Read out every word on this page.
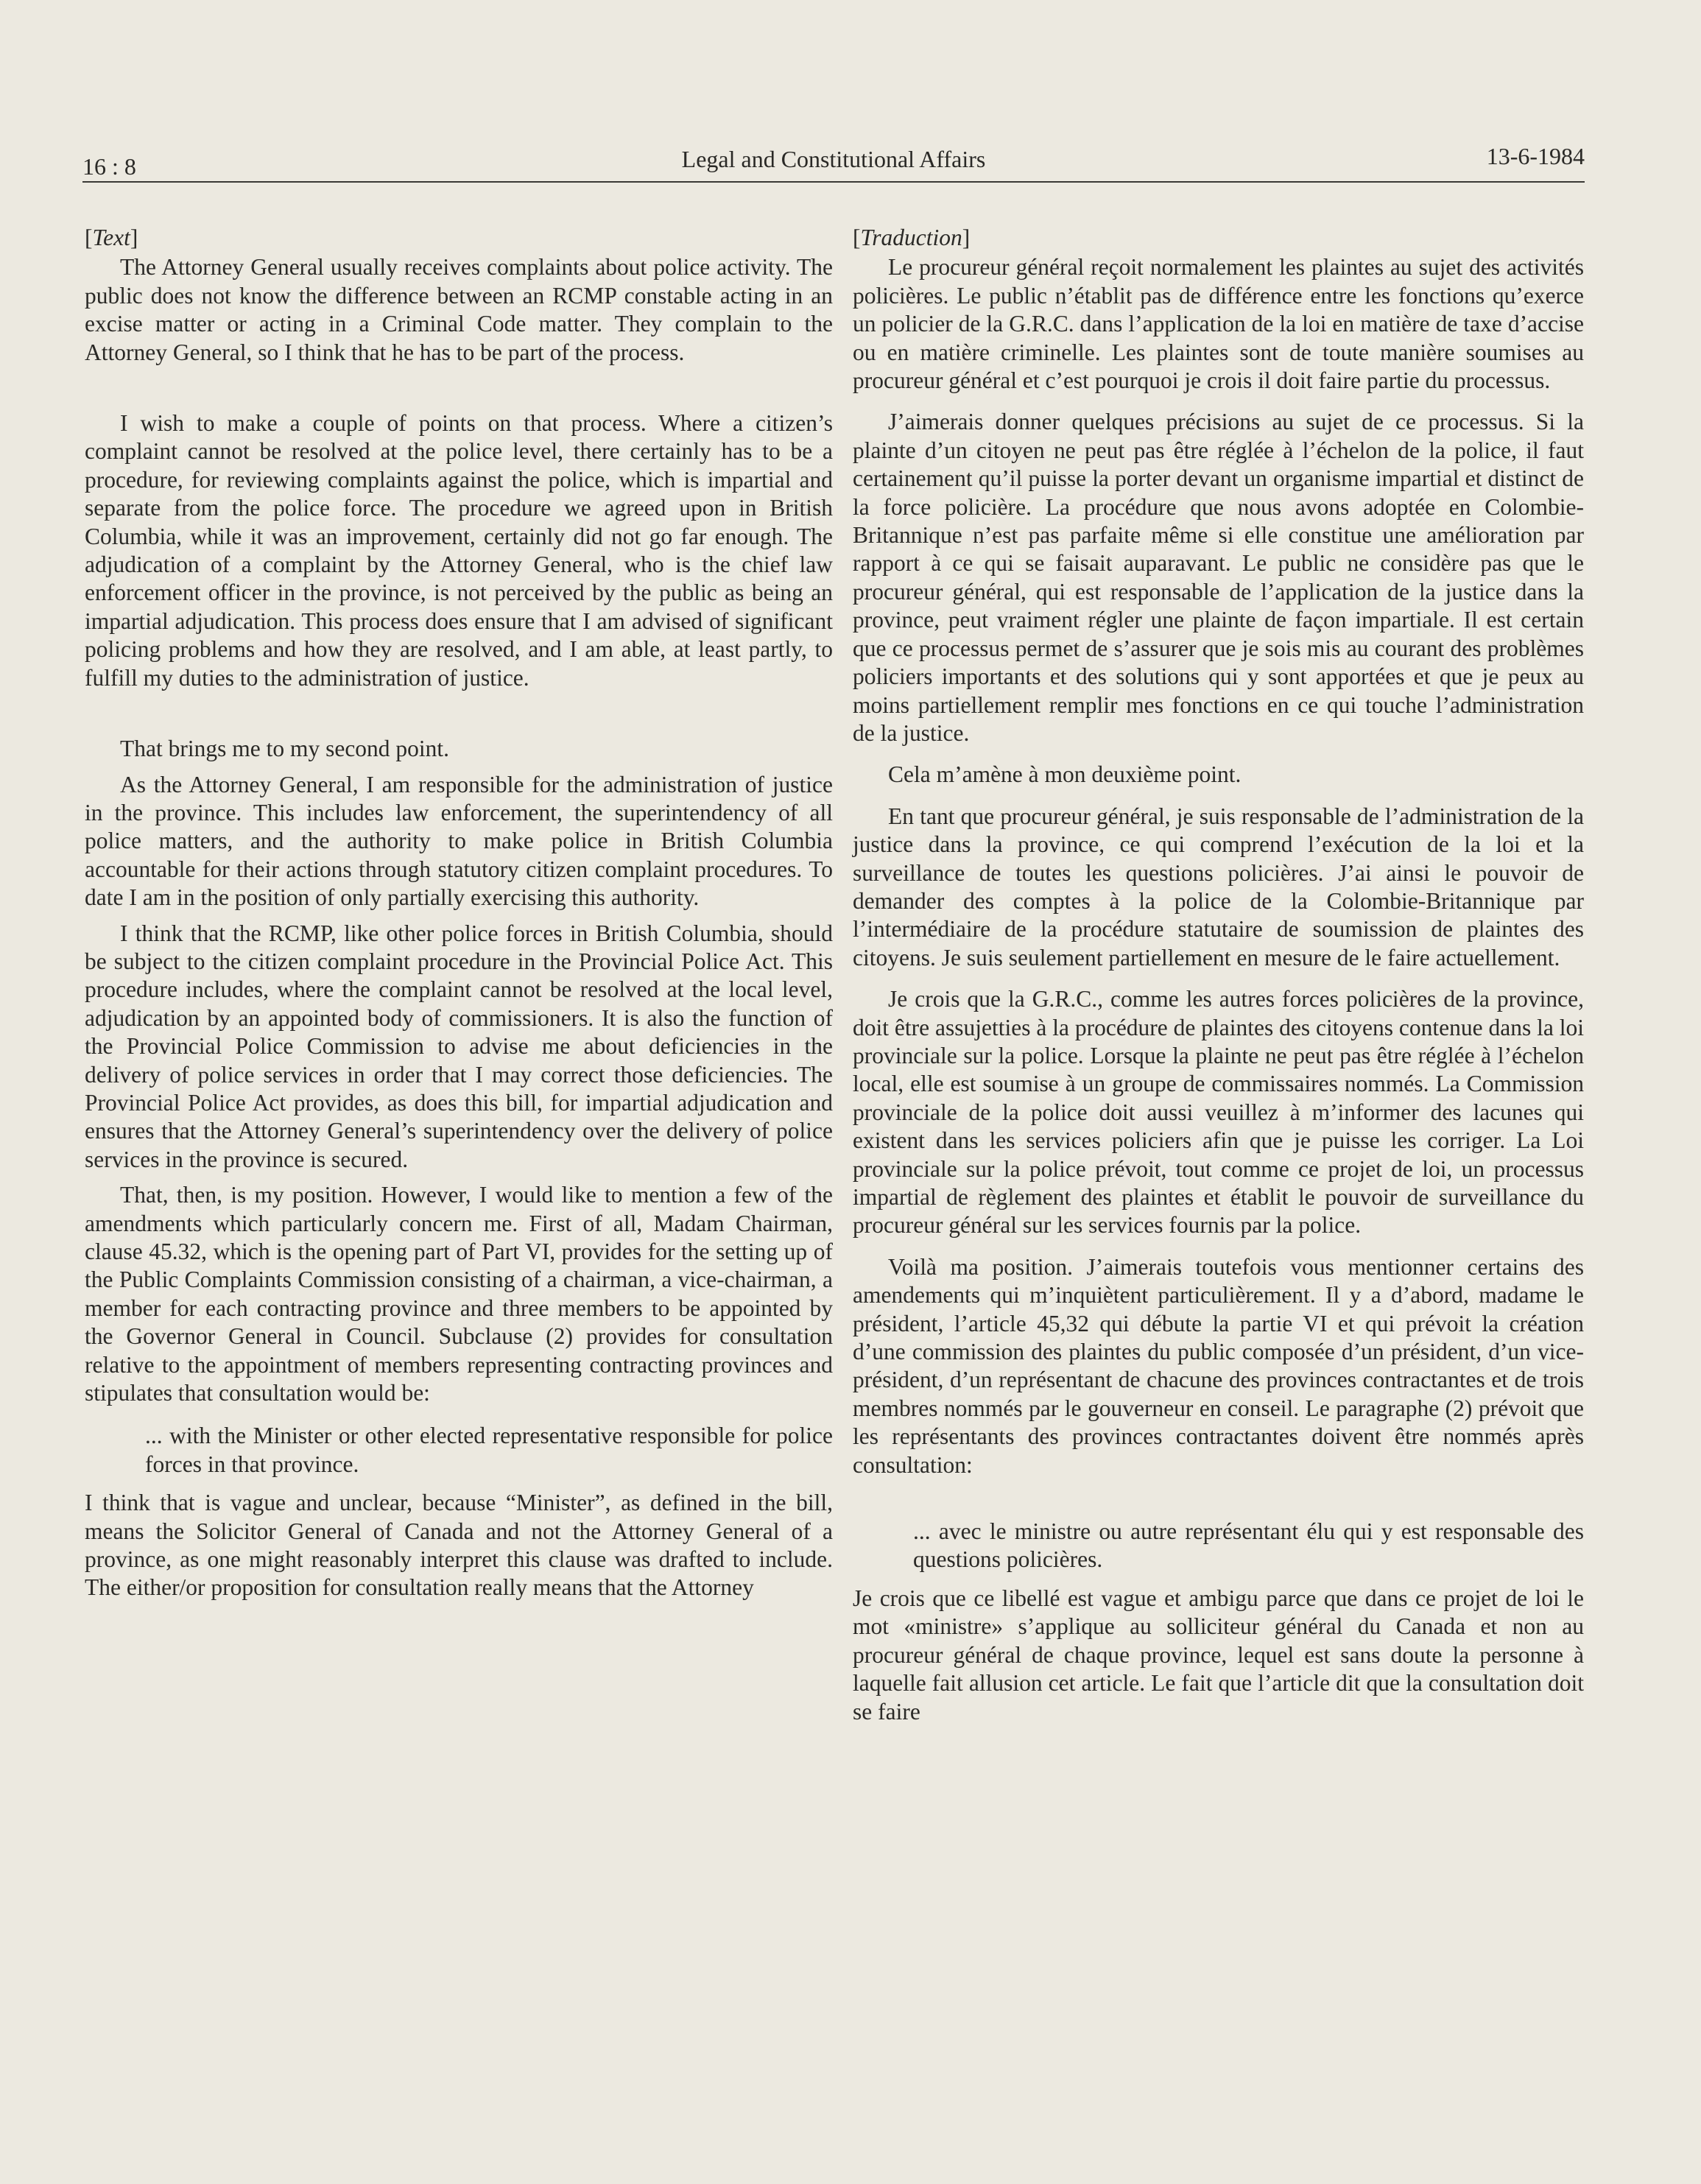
16 : 8	Legal and Constitutional Affairs	13-6-1984
[Text]

The Attorney General usually receives complaints about police activity. The public does not know the difference between an RCMP constable acting in an excise matter or acting in a Criminal Code matter. They complain to the Attorney General, so I think that he has to be part of the process.

I wish to make a couple of points on that process. Where a citizen’s complaint cannot be resolved at the police level, there certainly has to be a procedure, for reviewing complaints against the police, which is impartial and separate from the police force. The procedure we agreed upon in British Columbia, while it was an improvement, certainly did not go far enough. The adjudication of a complaint by the Attorney General, who is the chief law enforcement officer in the province, is not perceived by the public as being an impartial adjudication. This process does ensure that I am advised of significant policing problems and how they are resolved, and I am able, at least partly, to fulfill my duties to the administration of justice.

That brings me to my second point.

As the Attorney General, I am responsible for the administration of justice in the province. This includes law enforcement, the superintendency of all police matters, and the authority to make police in British Columbia accountable for their actions through statutory citizen complaint procedures. To date I am in the position of only partially exercising this authority.

I think that the RCMP, like other police forces in British Columbia, should be subject to the citizen complaint procedure in the Provincial Police Act. This procedure includes, where the complaint cannot be resolved at the local level, adjudication by an appointed body of commissioners. It is also the function of the Provincial Police Commission to advise me about deficiencies in the delivery of police services in order that I may correct those deficiencies. The Provincial Police Act provides, as does this bill, for impartial adjudication and ensures that the Attorney General’s superintendency over the delivery of police services in the province is secured.

That, then, is my position. However, I would like to mention a few of the amendments which particularly concern me. First of all, Madam Chairman, clause 45.32, which is the opening part of Part VI, provides for the setting up of the Public Complaints Commission consisting of a chairman, a vice-chairman, a member for each contracting province and three members to be appointed by the Governor General in Council. Subclause (2) provides for consultation relative to the appointment of members representing contracting provinces and stipulates that consultation would be:

... with the Minister or other elected representative responsible for police forces in that province.

I think that is vague and unclear, because “Minister”, as defined in the bill, means the Solicitor General of Canada and not the Attorney General of a province, as one might reasonably interpret this clause was drafted to include. The either/or proposition for consultation really means that the Attorney

[Traduction]

Le procureur général reçoit normalement les plaintes au sujet des activités policières. Le public n’établit pas de différence entre les fonctions qu’exerce un policier de la G.R.C. dans l’application de la loi en matière de taxe d’accise ou en matière criminelle. Les plaintes sont de toute manière soumises au procureur général et c’est pourquoi je crois il doit faire partie du processus.

J’aimerais donner quelques précisions au sujet de ce processus. Si la plainte d’un citoyen ne peut pas être réglée à l’échelon de la police, il faut certainement qu’il puisse la porter devant un organisme impartial et distinct de la force policière. La procédure que nous avons adoptée en Colombie-Britannique n’est pas parfaite même si elle constitue une amélioration par rapport à ce qui se faisait auparavant. Le public ne considère pas que le procureur général, qui est responsable de l’application de la justice dans la province, peut vraiment régler une plainte de façon impartiale. Il est certain que ce processus permet de s’assurer que je sois mis au courant des problèmes policiers importants et des solutions qui y sont apportées et que je peux au moins partiellement remplir mes fonctions en ce qui touche l’administration de la justice.

Cela m’amène à mon deuxième point.

En tant que procureur général, je suis responsable de l’administration de la justice dans la province, ce qui comprend l’exécution de la loi et la surveillance de toutes les questions policières. J’ai ainsi le pouvoir de demander des comptes à la police de la Colombie-Britannique par l’intermédiaire de la procédure statutaire de soumission de plaintes des citoyens. Je suis seulement partiellement en mesure de le faire actuellement.

Je crois que la G.R.C., comme les autres forces policières de la province, doit être assujetties à la procédure de plaintes des citoyens contenue dans la loi provinciale sur la police. Lorsque la plainte ne peut pas être réglée à l’échelon local, elle est soumise à un groupe de commissaires nommés. La Commission provinciale de la police doit aussi veuillez à m’informer des lacunes qui existent dans les services policiers afin que je puisse les corriger. La Loi provinciale sur la police prévoit, tout comme ce projet de loi, un processus impartial de règlement des plaintes et établit le pouvoir de surveillance du procureur général sur les services fournis par la police.

Voilà ma position. J’aimerais toutefois vous mentionner certains des amendements qui m’inquiètent particulièrement. Il y a d’abord, madame le président, l’article 45,32 qui débute la partie VI et qui prévoit la création d’une commission des plaintes du public composée d’un président, d’un vice-président, d’un représentant de chacune des provinces contractantes et de trois membres nommés par le gouverneur en conseil. Le paragraphe (2) prévoit que les représentants des provinces contractantes doivent être nommés après consultation:

... avec le ministre ou autre représentant élu qui y est responsable des questions policières.

Je crois que ce libellé est vague et ambigu parce que dans ce projet de loi le mot «ministre» s’applique au solliciteur général du Canada et non au procureur général de chaque province, lequel est sans doute la personne à laquelle fait allusion cet article. Le fait que l’article dit que la consultation doit se faire
